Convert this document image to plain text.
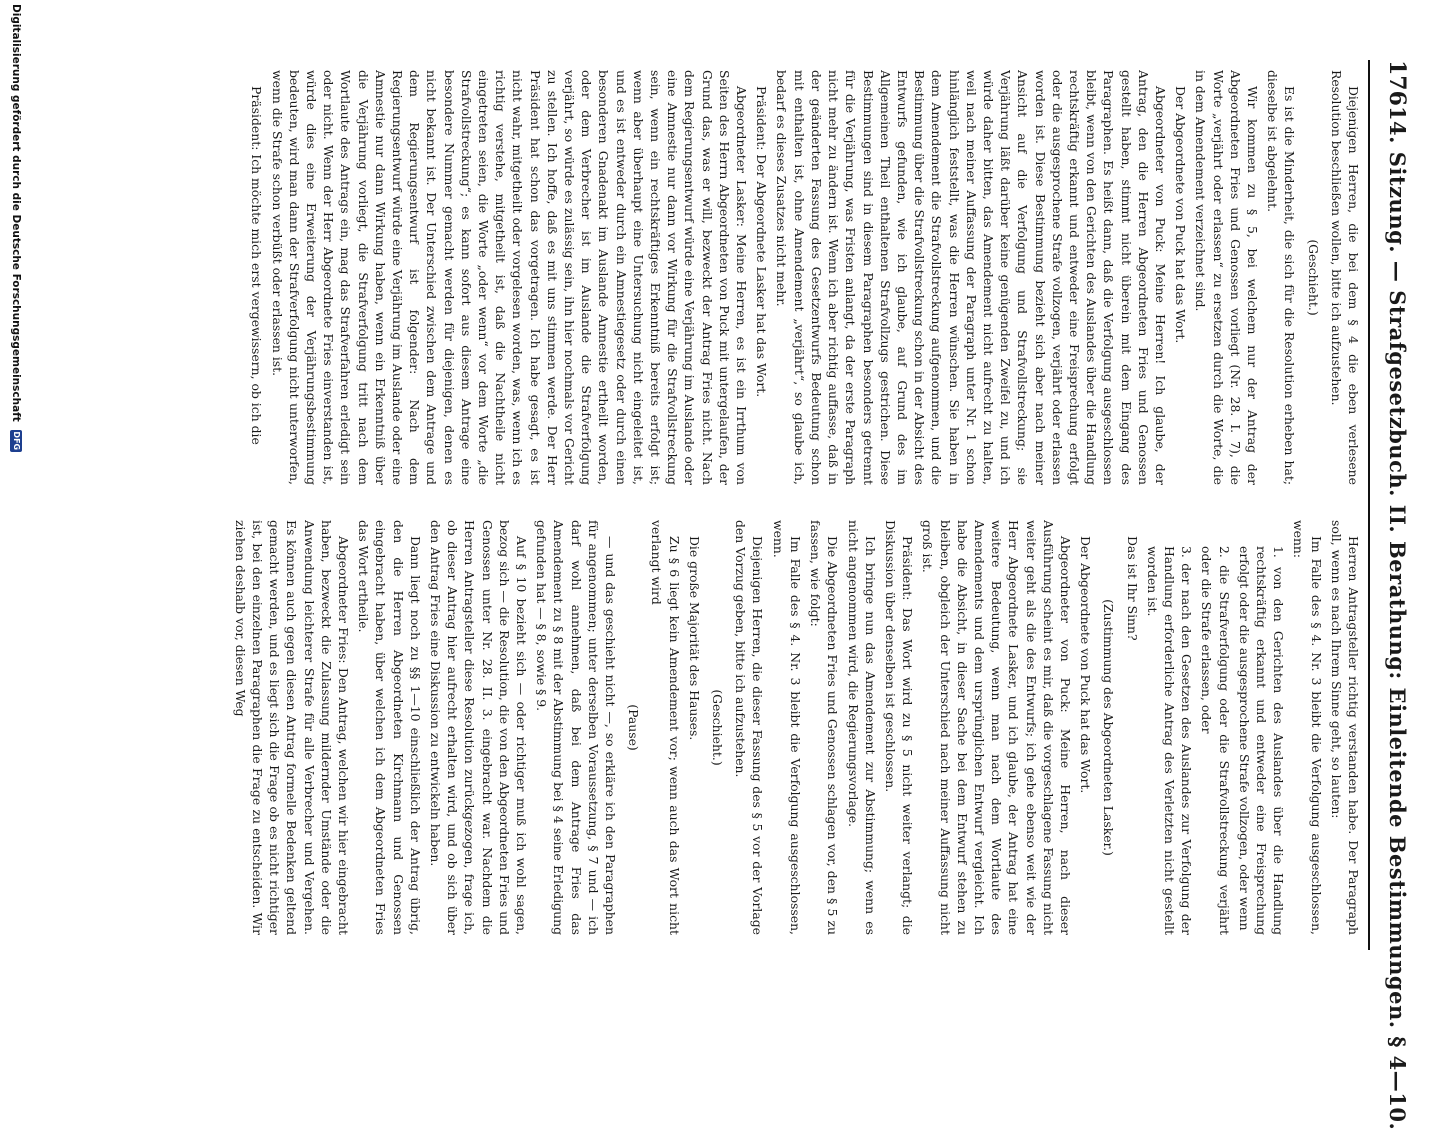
176
14. Sitzung. — Strafgesetzbuch. II. Berathung: Einleitende Bestimmungen. § 4—10.

Diejenigen Herren, die bei dem § 4 die eben verlesene Resolution beschließen wollen, bitte ich aufzustehen.

(Geschieht.)

Es ist die Minderheit, die sich für die Resolution erheben hat; dieselbe ist abgelehnt.

Wir kommen zu § 5, bei welchem nur der Antrag der Abgeordneten Fries und Genossen vorliegt (Nr. 28. I. 7), die Worte „verjährt oder erlassen“ zu ersetzen durch die Worte, die in dem Amendement verzeichnet sind.

Der Abgeordnete von Puck hat das Wort.

Abgeordneter von Puck: Meine Herren! Ich glaube, der Antrag, den die Herren Abgeordneten Fries und Genossen gestellt haben, stimmt nicht überein mit dem Eingang des Paragraphen. Es heißt dann, daß die Verfolgung ausgeschlossen bleibt, wenn von den Gerichten des Auslandes über die Handlung rechtskräftig erkannt und entweder eine Freisprechung erfolgt oder die ausgesprochene Strafe vollzogen, verjährt oder erlassen worden ist. Diese Bestimmung bezieht sich aber nach meiner Ansicht auf die Verfolgung und Strafvollstreckung; sie Verjährung läßt darüber keine genügenden Zweifel zu, und ich würde daher bitten, das Amendement nicht aufrecht zu halten, weil nach meiner Auffassung der Paragraph unter Nr. 1 schon hinlänglich feststellt, was die Herren wünschen. Sie haben in dem Amendement die Strafvollstreckung aufgenommen, und die Bestimmung über die Strafvollstreckung schon in der Absicht des Entwurfs gefunden, wie ich glaube, auf Grund des im Allgemeinen Theil enthaltenen Strafvollzugs gestrichen. Diese Bestimmungen sind in diesem Paragraphen besonders getrennt für die Verjährung, was Fristen anlangt, da der erste Paragraph nicht mehr zu ändern ist. Wenn ich aber richtig auffasse, daß in der geänderten Fassung des Gesetzentwurfs Bedeutung schon mit enthalten ist, ohne Amendement „verjährt“, so glaube ich, bedarf es dieses Zusatzes nicht mehr.

Präsident: Der Abgeordnete Lasker hat das Wort.

Abgeordneter Lasker: Meine Herren, es ist ein Irrthum von Seiten des Herrn Abgeordneten von Puck mit untergelaufen, der Grund das, was er will, bezweckt der Antrag Fries nicht. Nach dem Regierungsentwurf würde eine Verjährung im Auslande oder eine Amnestie nur dann vor Wirkung für die Strafvollstreckung sein, wenn ein rechtskräftiges Erkenntniß bereits erfolgt ist; wenn aber überhaupt eine Untersuchung nicht eingeleitet ist, und es ist entweder durch ein Amnestiegesetz oder durch einen besonderen Gnadenakt im Auslande Amnestie ertheilt worden, oder dem Verbrecher ist im Auslande die Strafverfolgung verjährt, so würde es zulässig sein, ihn hier nochmals vor Gericht zu stellen. Ich hoffe, daß es mit uns stimmen werde. Der Herr Präsident hat schon das vorgetragen. Ich habe gesagt, es ist nicht wahr, mitgetheilt oder vorgelesen worden, was, wenn ich es richtig verstehe, mitgetheilt ist, daß die Nachtheile nicht eingetreten seien, die Worte „oder wenn“ vor dem Worte „die Strafvollstreckung“; es kann sofort aus diesem Antrage eine besondere Nummer gemacht werden für diejenigen, denen es nicht bekannt ist. Der Unterschied zwischen dem Antrage und dem Regierungsentwurf ist folgender: Nach dem Regierungsentwurf würde eine Verjährung im Auslande oder eine Amnestie nur dann Wirkung haben, wenn ein Erkenntniß über die Verjährung vorliegt, die Strafverfolgung tritt nach dem Wortlaute des Antrags ein, mag das Strafverfahren erledigt sein oder nicht. Wenn der Herr Abgeordnete Fries einverstanden ist, würde dies eine Erweiterung der Verjährungsbestimmung bedeuten, wird man dann der Strafverfolgung nicht unterworfen, wenn die Strafe schon verbüßt oder erlassen ist.

Präsident: Ich möchte mich erst vergewissern, ob ich die

Herren Antragsteller richtig verstanden habe. Der Paragraph soll, wenn es nach Ihrem Sinne geht, so lauten:

Im Falle des § 4. Nr. 3 bleibt die Verfolgung ausgeschlossen, wenn:

1. von den Gerichten des Auslandes über die Handlung rechtskräftig erkannt und entweder eine Freisprechung erfolgt oder die ausgesprochene Strafe vollzogen, oder wenn

2. die Strafverfolgung oder die Strafvollstreckung verjährt oder die Strafe erlassen, oder

3. der nach den Gesetzen des Auslandes zur Verfolgung der Handlung erforderliche Antrag des Verletzten nicht gestellt worden ist.

Das ist Ihr Sinn?

(Zustimmung des Abgeordneten Lasker.)

Der Abgeordnete von Puck hat das Wort.

Abgeordneter von Puck: Meine Herren, nach dieser Ausführung scheint es mir, daß die vorgeschlagene Fassung nicht weiter geht als die des Entwurfs; ich gehe ebenso weit wie der Herr Abgeordnete Lasker, und ich glaube, der Antrag hat eine weitere Bedeutung, wenn man nach dem Wortlaute des Amendements und dem ursprünglichen Entwurf vergleicht. Ich habe die Absicht, in dieser Sache bei dem Entwurf stehen zu bleiben, obgleich der Unterschied nach meiner Auffassung nicht groß ist.

Präsident: Das Wort wird zu § 5 nicht weiter verlangt; die Diskussion über denselben ist geschlossen.

Ich bringe nun das Amendement zur Abstimmung; wenn es nicht angenommen wird, die Regierungsvorlage.

Die Abgeordneten Fries und Genossen schlagen vor, den § 5 zu fassen, wie folgt:

Im Falle des § 4. Nr. 3 bleibt die Verfolgung ausgeschlossen, wenn.

Diejenigen Herren, die dieser Fassung des § 5 vor der Vorlage den Vorzug geben, bitte ich aufzustehen.

(Geschieht.)

Die große Majorität des Hauses.

Zu § 6 liegt kein Amendement vor; wenn auch das Wort nicht verlangt wird

(Pause)

— und das geschieht nicht —, so erkläre ich den Paragraphen für angenommen; unter derselben Voraussetzung, § 7 und — ich darf wohl annehmen, daß bei dem Antrage Fries das Amendement zu § 8 mit der Abstimmung bei § 4 seine Erledigung gefunden hat — § 8, sowie § 9.

Auf § 10 bezieht sich — oder richtiger muß ich wohl sagen, bezog sich — die Resolution, die von den Abgeordneten Fries und Genossen unter Nr. 28. II. 3. eingebracht war. Nachdem die Herren Antragsteller diese Resolution zurückgezogen, frage ich, ob dieser Antrag hier aufrecht erhalten wird, und ob sich über den Antrag Fries eine Diskussion zu entwickeln haben.

Dann liegt noch zu §§ 1—10 einschließlich der Antrag übrig, den die Herren Abgeordneten Kirchmann und Genossen eingebracht haben, über welchen ich dem Abgeordneten Fries das Wort ertheile.

Abgeordneter Fries: Den Antrag, welchen wir hier eingebracht haben, bezweckt die Zulassung mildernder Umstände oder die Anwendung leichterer Strafe für alle Verbrecher und Vergehen. Es können auch gegen diesen Antrag formelle Bedenken geltend gemacht werden, und es liegt sich die Frage ob es nicht richtiger ist, bei den einzelnen Paragraphen die Frage zu entscheiden. Wir ziehen deshalb vor, diesen Weg

Digitalisierung gefördert durch die Deutsche Forschungsgemeinschaft
DFG
